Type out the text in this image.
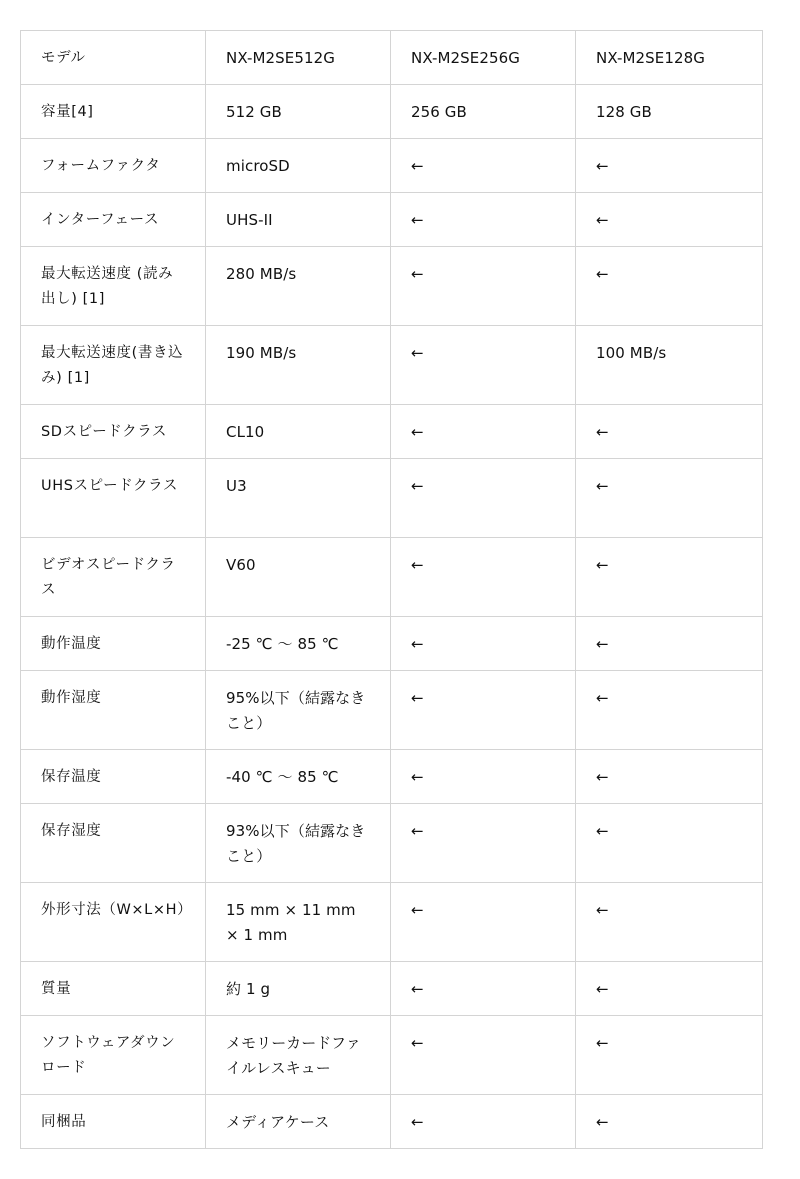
モデル	NX-M2SE512G	NX-M2SE256G	NX-M2SE128G
容量[4]	512 GB	256 GB	128 GB
フォームファクタ	microSD	←	←
インターフェース	UHS-II	←	←
最大転送速度 (読み出し) [1]	280 MB/s	←	←
最大転送速度(書き込み) [1]	190 MB/s	←	100 MB/s
SDスピードクラス	CL10	←	←
UHSスピードクラス	U3	←	←
ビデオスピードクラス	V60	←	←
動作温度	-25 ℃ 〜 85 ℃	←	←
動作湿度	95%以下（結露なきこと）	←	←
保存温度	-40 ℃ 〜 85 ℃	←	←
保存湿度	93%以下（結露なきこと）	←	←
外形寸法（W×L×H）	15 mm × 11 mm × 1 mm	←	←
質量	約 1 g	←	←
ソフトウェアダウンロード	メモリーカードファイルレスキュー	←	←
同梱品	メディアケース	←	←
